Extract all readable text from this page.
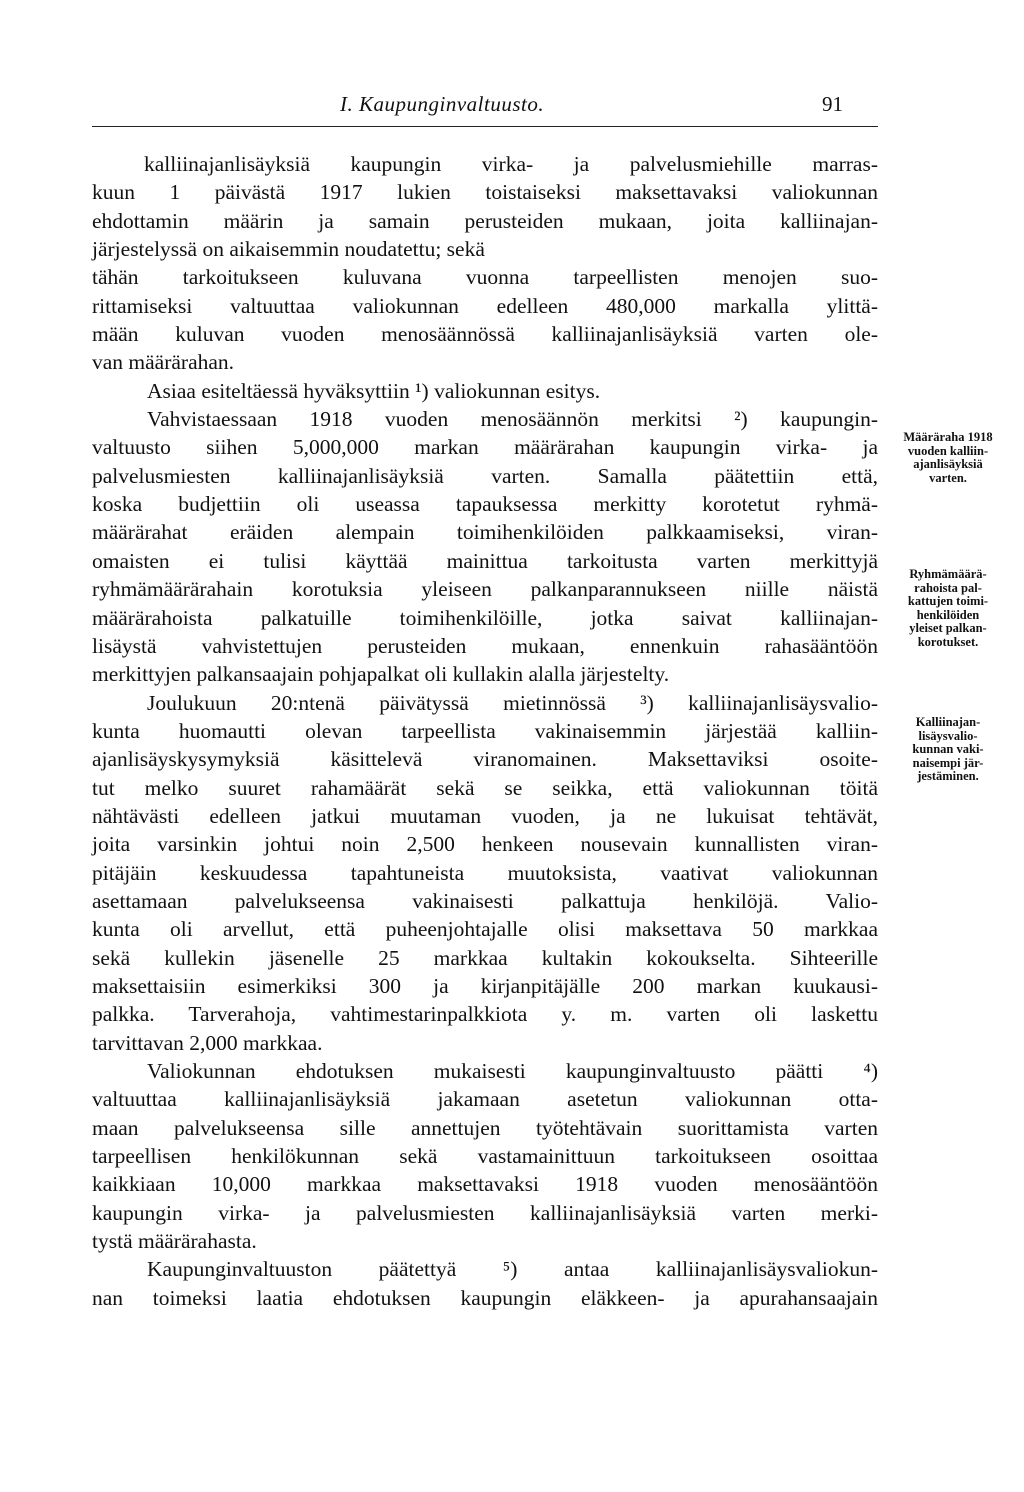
I. Kaupunginvaltuusto.	91
kalliinajanlisäyksiä kaupungin virka- ja palvelusmiehille marras-
kuun 1 päivästä 1917 lukien toistaiseksi maksettavaksi valiokunnan
ehdottamin määrin ja samain perusteiden mukaan, joita kalliinajan-
järjestelyssä on aikaisemmin noudatettu; sekä
tähän tarkoitukseen kuluvana vuonna tarpeellisten menojen suo-
rittamiseksi valtuuttaa valiokunnan edelleen 480,000 markalla ylittä-
mään kuluvan vuoden menosäännössä kalliinajanlisäyksiä varten ole-
van määrärahan.
Asiaa esiteltäessä hyväksyttiin ¹) valiokunnan esitys.
Vahvistaessaan 1918 vuoden menosäännön merkitsi ²) kaupungin-
valtuusto siihen 5,000,000 markan määrärahan kaupungin virka- ja
palvelusmiesten kalliinajanlisäyksiä varten. Samalla päätettiin että,
koska budjettiin oli useassa tapauksessa merkitty korotetut ryhmä-
määrärahat eräiden alempain toimihenkilöiden palkkaamiseksi, viran-
omaisten ei tulisi käyttää mainittua tarkoitusta varten merkittyjä
ryhmämäärärahain korotuksia yleiseen palkanparannukseen niille näistä
määrärahoista palkatuille toimihenkilöille, jotka saivat kalliinajan-
lisäystä vahvistettujen perusteiden mukaan, ennenkuin rahasääntöön
merkittyjen palkansaajain pohjapalkat oli kullakin alalla järjestelty.
Joulukuun 20:ntenä päivätyssä mietinnössä ³) kalliinajanlisäysvalio-
kunta huomautti olevan tarpeellista vakinaisemmin järjestää kalliin-
ajanlisäyskysymyksiä käsittelevä viranomainen. Maksettaviksi osoite-
tut melko suuret rahamäärät sekä se seikka, että valiokunnan töitä
nähtävästi edelleen jatkui muutaman vuoden, ja ne lukuisat tehtävät,
joita varsinkin johtui noin 2,500 henkeen nousevain kunnallisten viran-
pitäjäin keskuudessa tapahtuneista muutoksista, vaativat valiokunnan
asettamaan palvelukseensa vakinaisesti palkattuja henkilöjä. Valio-
kunta oli arvellut, että puheenjohtajalle olisi maksettava 50 markkaa
sekä kullekin jäsenelle 25 markkaa kultakin kokoukselta. Sihteerille
maksettaisiin esimerkiksi 300 ja kirjanpitäjälle 200 markan kuukausi-
palkka. Tarverahoja, vahtimestarinpalkkiota y. m. varten oli laskettu
tarvittavan 2,000 markkaa.
Valiokunnan ehdotuksen mukaisesti kaupunginvaltuusto päätti ⁴)
valtuuttaa kalliinajanlisäyksiä jakamaan asetetun valiokunnan otta-
maan palvelukseensa sille annettujen työtehtävain suorittamista varten
tarpeellisen henkilökunnan sekä vastamainittuun tarkoitukseen osoittaa
kaikkiaan 10,000 markkaa maksettavaksi 1918 vuoden menosääntöön
kaupungin virka- ja palvelusmiesten kalliinajanlisäyksiä varten merki-
tystä määrärahasta.
Kaupunginvaltuuston päätettyä ⁵) antaa kalliinajanlisäysvaliokun-
nan toimeksi laatia ehdotuksen kaupungin eläkkeen- ja apurahansaajain
Määräraha 1918
vuoden kalliin-
ajanlisäyksiä
varten.
Ryhmämäärä-
rahoista pal-
kattujen toimi-
henkilöiden
yleiset palkan-
korotukset.
Kalliinajan-
lisäysvalio-
kunnan vaki-
naisempi jär-
jestäminen.
